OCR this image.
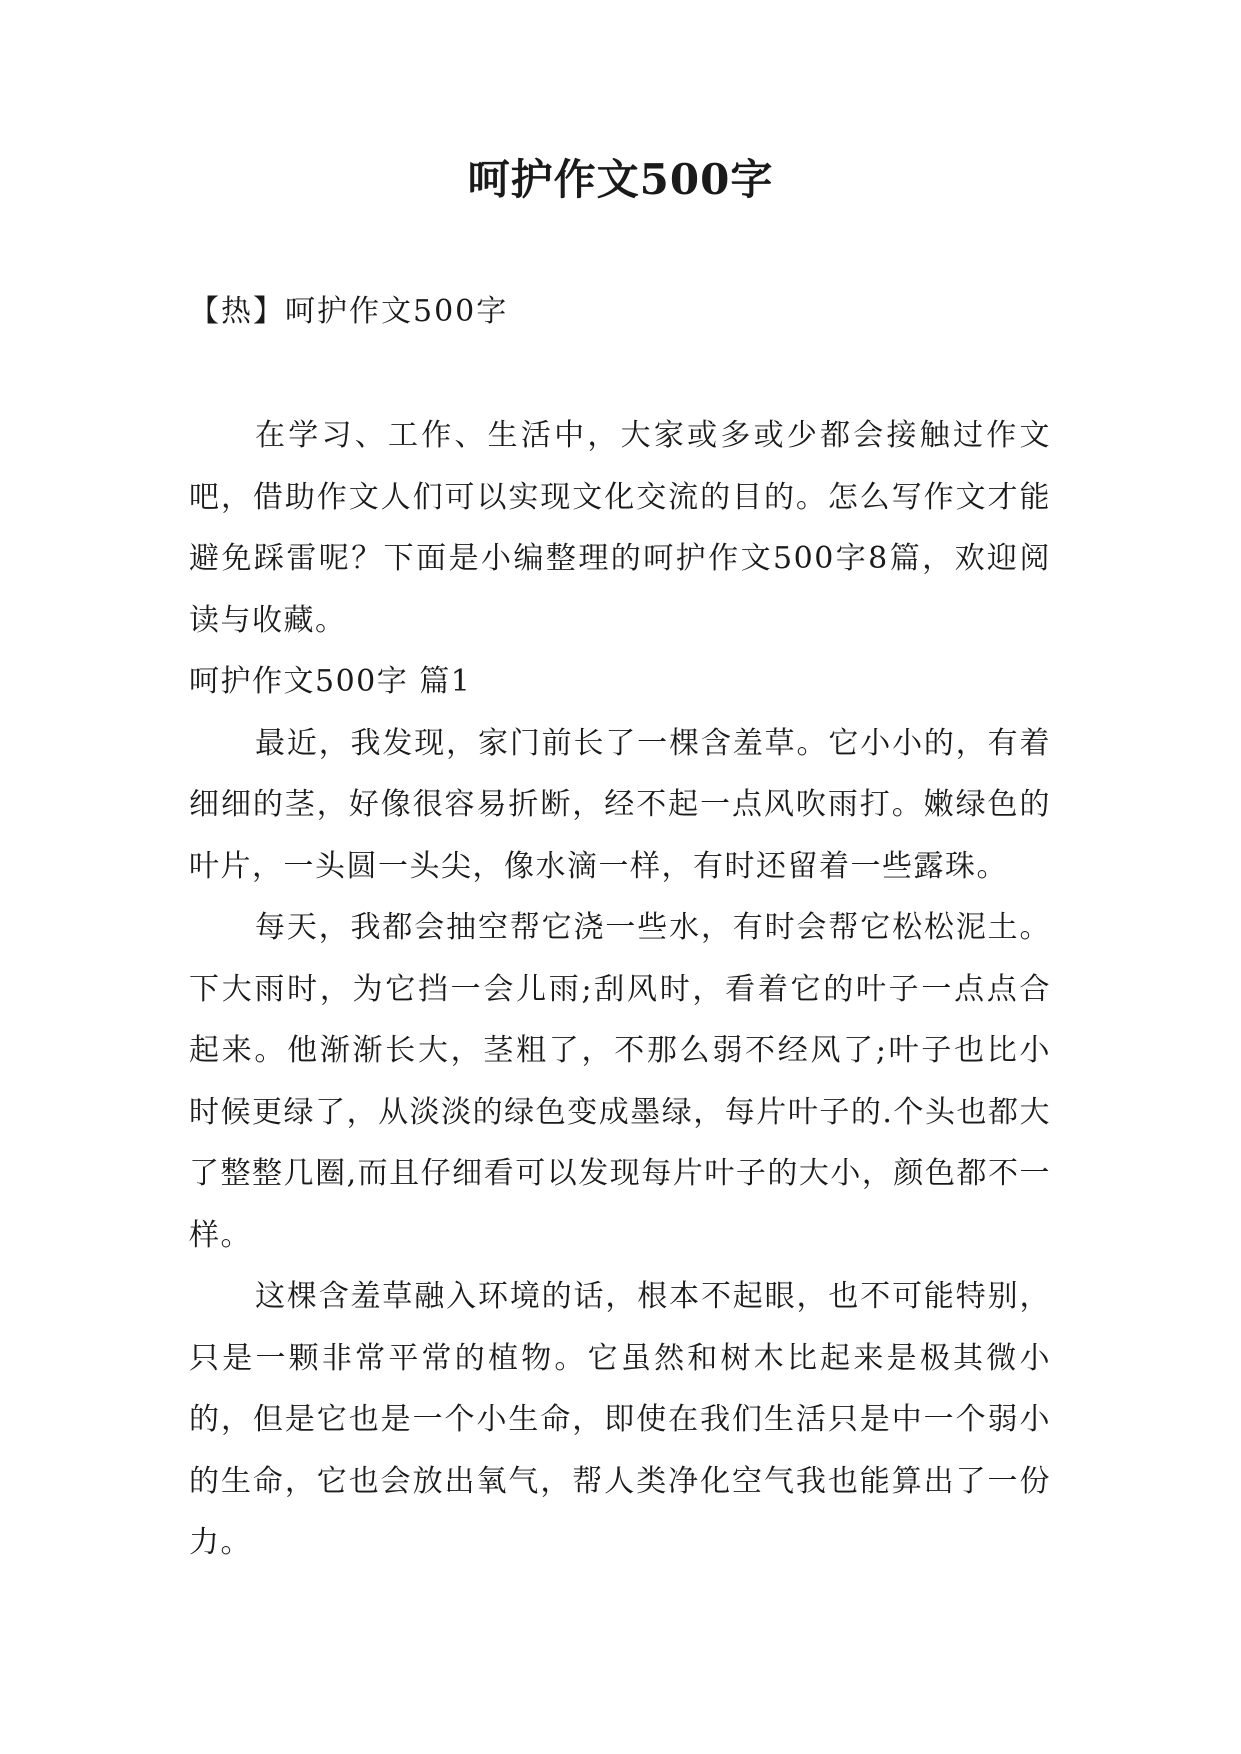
呵护作文500字

【热】呵护作文500字

在学习、工作、生活中，大家或多或少都会接触过作文吧，借助作文人们可以实现文化交流的目的。怎么写作文才能避免踩雷呢？下面是小编整理的呵护作文500字8篇，欢迎阅读与收藏。

呵护作文500字 篇1

最近，我发现，家门前长了一棵含羞草。它小小的，有着细细的茎，好像很容易折断，经不起一点风吹雨打。嫩绿色的叶片，一头圆一头尖，像水滴一样，有时还留着一些露珠。

每天，我都会抽空帮它浇一些水，有时会帮它松松泥土。下大雨时，为它挡一会儿雨;刮风时，看着它的叶子一点点合起来。他渐渐长大，茎粗了，不那么弱不经风了;叶子也比小时候更绿了，从淡淡的绿色变成墨绿，每片叶子的.个头也都大了整整几圈,而且仔细看可以发现每片叶子的大小，颜色都不一样。

这棵含羞草融入环境的话，根本不起眼，也不可能特别，只是一颗非常平常的植物。它虽然和树木比起来是极其微小的，但是它也是一个小生命，即使在我们生活只是中一个弱小的生命，它也会放出氧气，帮人类净化空气我也能算出了一份力。
